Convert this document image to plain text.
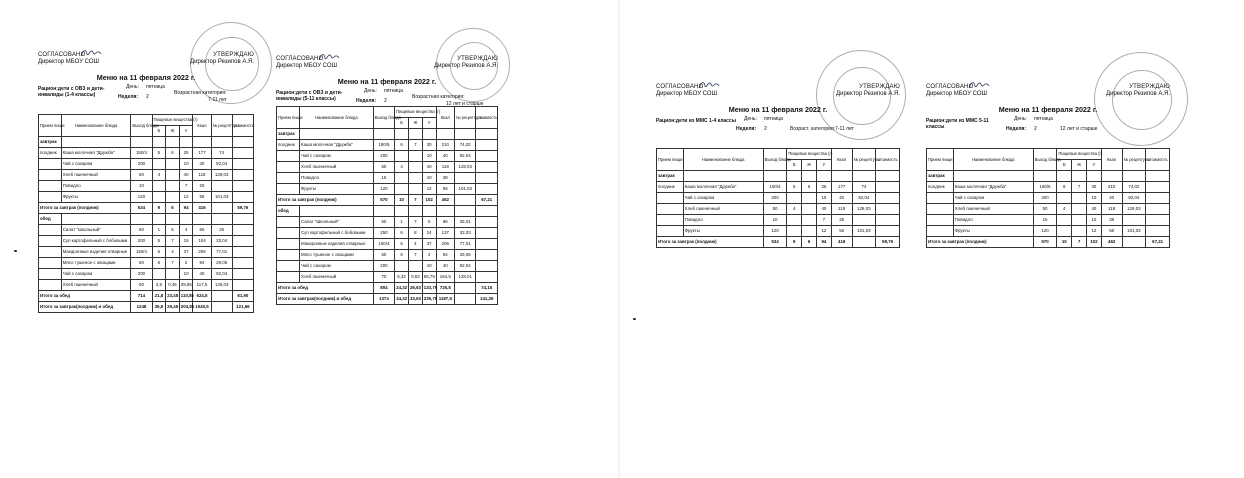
СОГЛАСОВАНО
Директор МБОУ СОШ
УТВЕРЖДАЮ
Директор Резипов А.Я.
Меню на 11 февраля 2022 г.
Рацион:дети с ОВЗ и дети-инвалиды (1-4 классы)
День: пятница
Неделя: 2
Возрастная категория:
7-11 лет
Прием пищи	Наименование блюда	Выход блюда	Пищевые вещества (г)			Ккал	№ рецептуры	стоимость
			Б	Ж	У			
завтрак								
полдник	Каша молочная "Дружба"	150/4	5	6	25	177	74	
	Чай с сахаром	200			10	40	92,04	
	Хлеб пшеничный	50	4		40	118	128,03	
	Повидло	10			7	25		
	Фрукты	120			12	56	101,03	
Итого за завтрак (полдник)		534	9	6	94	416		59,76
обед								
	Салат "Школьный"	60	1	5	4	65	25	
	Суп картофельный с бобовыми	200	5	7	15	104	33,04	
	Макаронные изделия отварные	150/4	6	4	37	206	77,01	
	Мясо тушеное с овощами	50	6	7	2	94	29,05	
	Чай с сахаром	200			10	40	92,04	
	Хлеб пшеничный	50	3,8	0,45	39,85	117,5	128,03	
Итого за обед		714	21,8	23,45	110,85	624,5		61,90
Итого за завтрак(полдник) и обед		1248	35,8	29,45	204,85	1040,5		121,66
СОГЛАСОВАНО
Директор МБОУ СОШ
УТВЕРЖДАЮ
Директор Резипов А.Я.
Меню на 11 февраля 2022 г.
Рацион:дети с ОВЗ и дети-инвалиды (5-11 классы)
День: пятница
Неделя: 2
Возрастная категория:
12 лет и старше
Прием пищи	Наименование блюда	Выход блюда	Пищевые вещества (г)			Ккал	№ рецептуры	стоимость
			Б	Ж	У			
завтрак								
полдник	Каша молочная "Дружба"	180/5	6	7	30	210	74,02	
	Чай с сахаром	200			10	40	92,04	
	Хлеб пшеничный	50	4		40	118	128,03	
	Повидло	15			10	38		
	Фрукты	120			12	56	101,03	
Итого за завтрак (полдник)		570	10	7	102	462		67,21
обед								
	Салат "Школьный"	60	1	7	5	86	25,01	
	Суп картофельный с бобовыми	250	6	8	24	137	33,03	
	Макаронные изделия отварные	150/4	6	4	37	206	77,01	
	Мясо тушеное с овощами	50	6	7	2	94	29,05	
	Чай с сахаром	200			10	40	92,04	
	Хлеб пшеничный	70	5,32	0,63	55,79	164,5	128,01	
Итого за обед		804	24,32	26,63	133,79	725,5		74,15
Итого за завтрак(полдник) и обед		1374	34,32	33,63	235,79	1187,5		141,36
СОГЛАСОВАНО
Директор МБОУ СОШ
УТВЕРЖДАЮ
Директор Резипов А.Я.
Меню на 11 февраля 2022 г.
Рацион:дети из ММС 1-4 классы День: пятница
Неделя: 2	Возраст. категория:7-11 лет
Прием пищи	Наименование блюда	Выход блюда	Пищевые вещества (г)			Ккал	№ рецептуры	стоимость
			Б	Ж	У			
завтрак								
полдник	Каша молочная "Дружба"	150/4	5	6	25	177	74	
	Чай с сахаром	200			10	40	92,04	
	Хлеб пшеничный	50	4		40	118	128,03	
	Повидло	10			7	25		
	Фрукты	120			12	56	101,03	
Итого за завтрак (полдник)		534	9	6	94	416		59,76
СОГЛАСОВАНО
Директор МБОУ СОШ
УТВЕРЖДАЮ
Директор Резипов А.Я.
Меню на 11 февраля 2022 г.
Рацион:дети из ММС 5-11 классы
День: пятница
Неделя: 2	12 лет и старше
Прием пищи	Наименование блюда	Выход блюда	Пищевые вещества (г)			Ккал	№ рецептуры	стоимость
			Б	Ж	У			
завтрак								
полдник	Каша молочная "Дружба"	180/5	6	7	30	210	74,02	
	Чай с сахаром	200			10	40	92,04	
	Хлеб пшеничный	50	4		40	118	128,03	
	Повидло	15			10	38		
	Фрукты	120			12	56	101,03	
Итого за завтрак (полдник)		570	10	7	102	462		67,21
